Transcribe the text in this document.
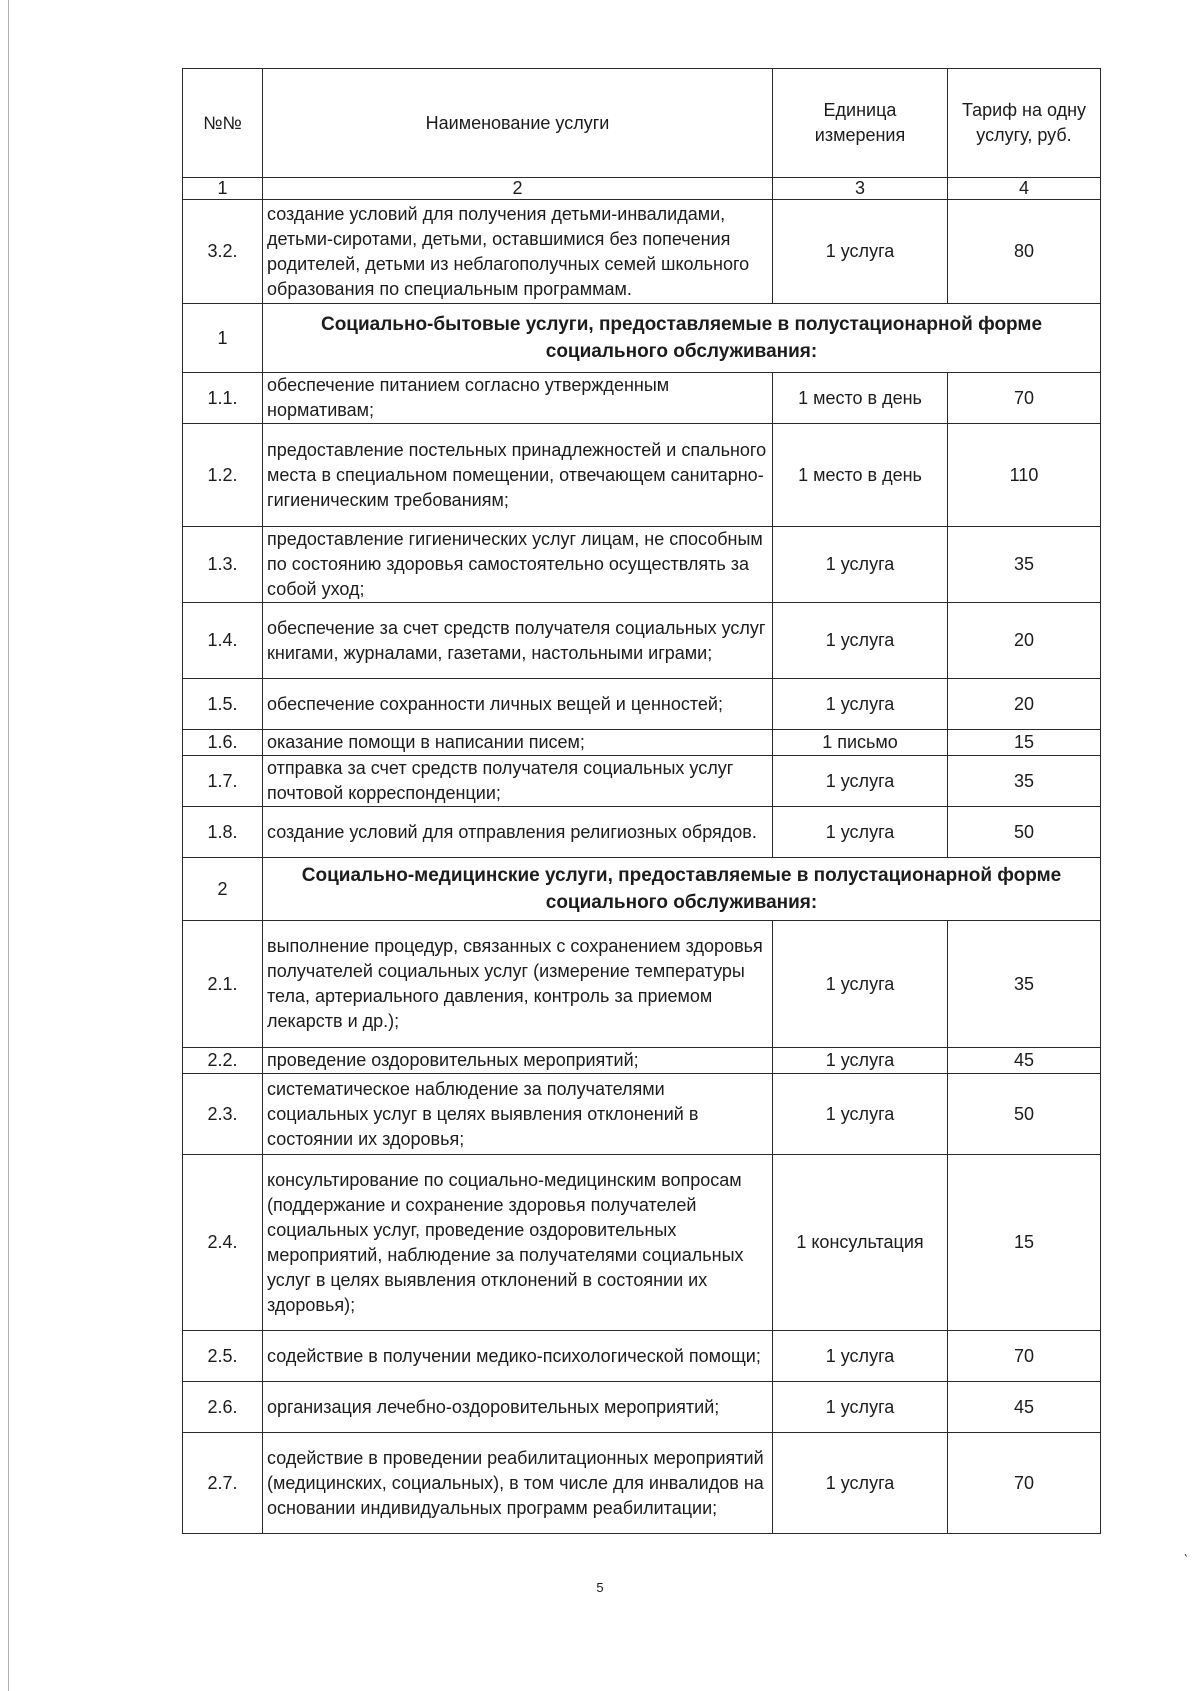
№№	Наименование услуги	Единица измерения	Тариф на одну услугу, руб.
1	2	3	4
3.2.	создание условий для получения детьми-инвалидами, детьми-сиротами, детьми, оставшимися без попечения родителей, детьми из неблагополучных семей школьного образования по специальным программам.	1 услуга	80
1	Социально-бытовые услуги, предоставляемые в полустационарной форме социального обслуживания:		
1.1.	обеспечение питанием согласно утвержденным нормативам;	1 место в день	70
1.2.	предоставление постельных принадлежностей и спального места в специальном помещении, отвечающем санитарно-гигиеническим требованиям;	1 место в день	110
1.3.	предоставление гигиенических услуг лицам, не способным по состоянию здоровья самостоятельно осуществлять за собой уход;	1 услуга	35
1.4.	обеспечение за счет средств получателя социальных услуг книгами, журналами, газетами, настольными играми;	1 услуга	20
1.5.	обеспечение сохранности личных вещей и ценностей;	1 услуга	20
1.6.	оказание помощи в написании писем;	1 письмо	15
1.7.	отправка за счет средств получателя социальных услуг почтовой корреспонденции;	1 услуга	35
1.8.	создание условий для отправления религиозных обрядов.	1 услуга	50
2	Социально-медицинские услуги, предоставляемые в полустационарной форме социального обслуживания:		
2.1.	выполнение процедур, связанных с сохранением здоровья получателей социальных услуг (измерение температуры тела, артериального давления, контроль за приемом лекарств и др.);	1 услуга	35
2.2.	проведение оздоровительных мероприятий;	1 услуга	45
2.3.	систематическое наблюдение за получателями социальных услуг в целях выявления отклонений в состоянии их здоровья;	1 услуга	50
2.4.	консультирование по социально-медицинским вопросам (поддержание и сохранение здоровья получателей социальных услуг, проведение оздоровительных мероприятий, наблюдение за получателями социальных услуг в целях выявления отклонений в состоянии их здоровья);	1 консультация	15
2.5.	содействие в получении медико-психологической помощи;	1 услуга	70
2.6.	организация лечебно-оздоровительных мероприятий;	1 услуга	45
2.7.	содействие в проведении реабилитационных мероприятий (медицинских, социальных), в том числе для инвалидов на основании индивидуальных программ реабилитации;	1 услуга	70
5
,
